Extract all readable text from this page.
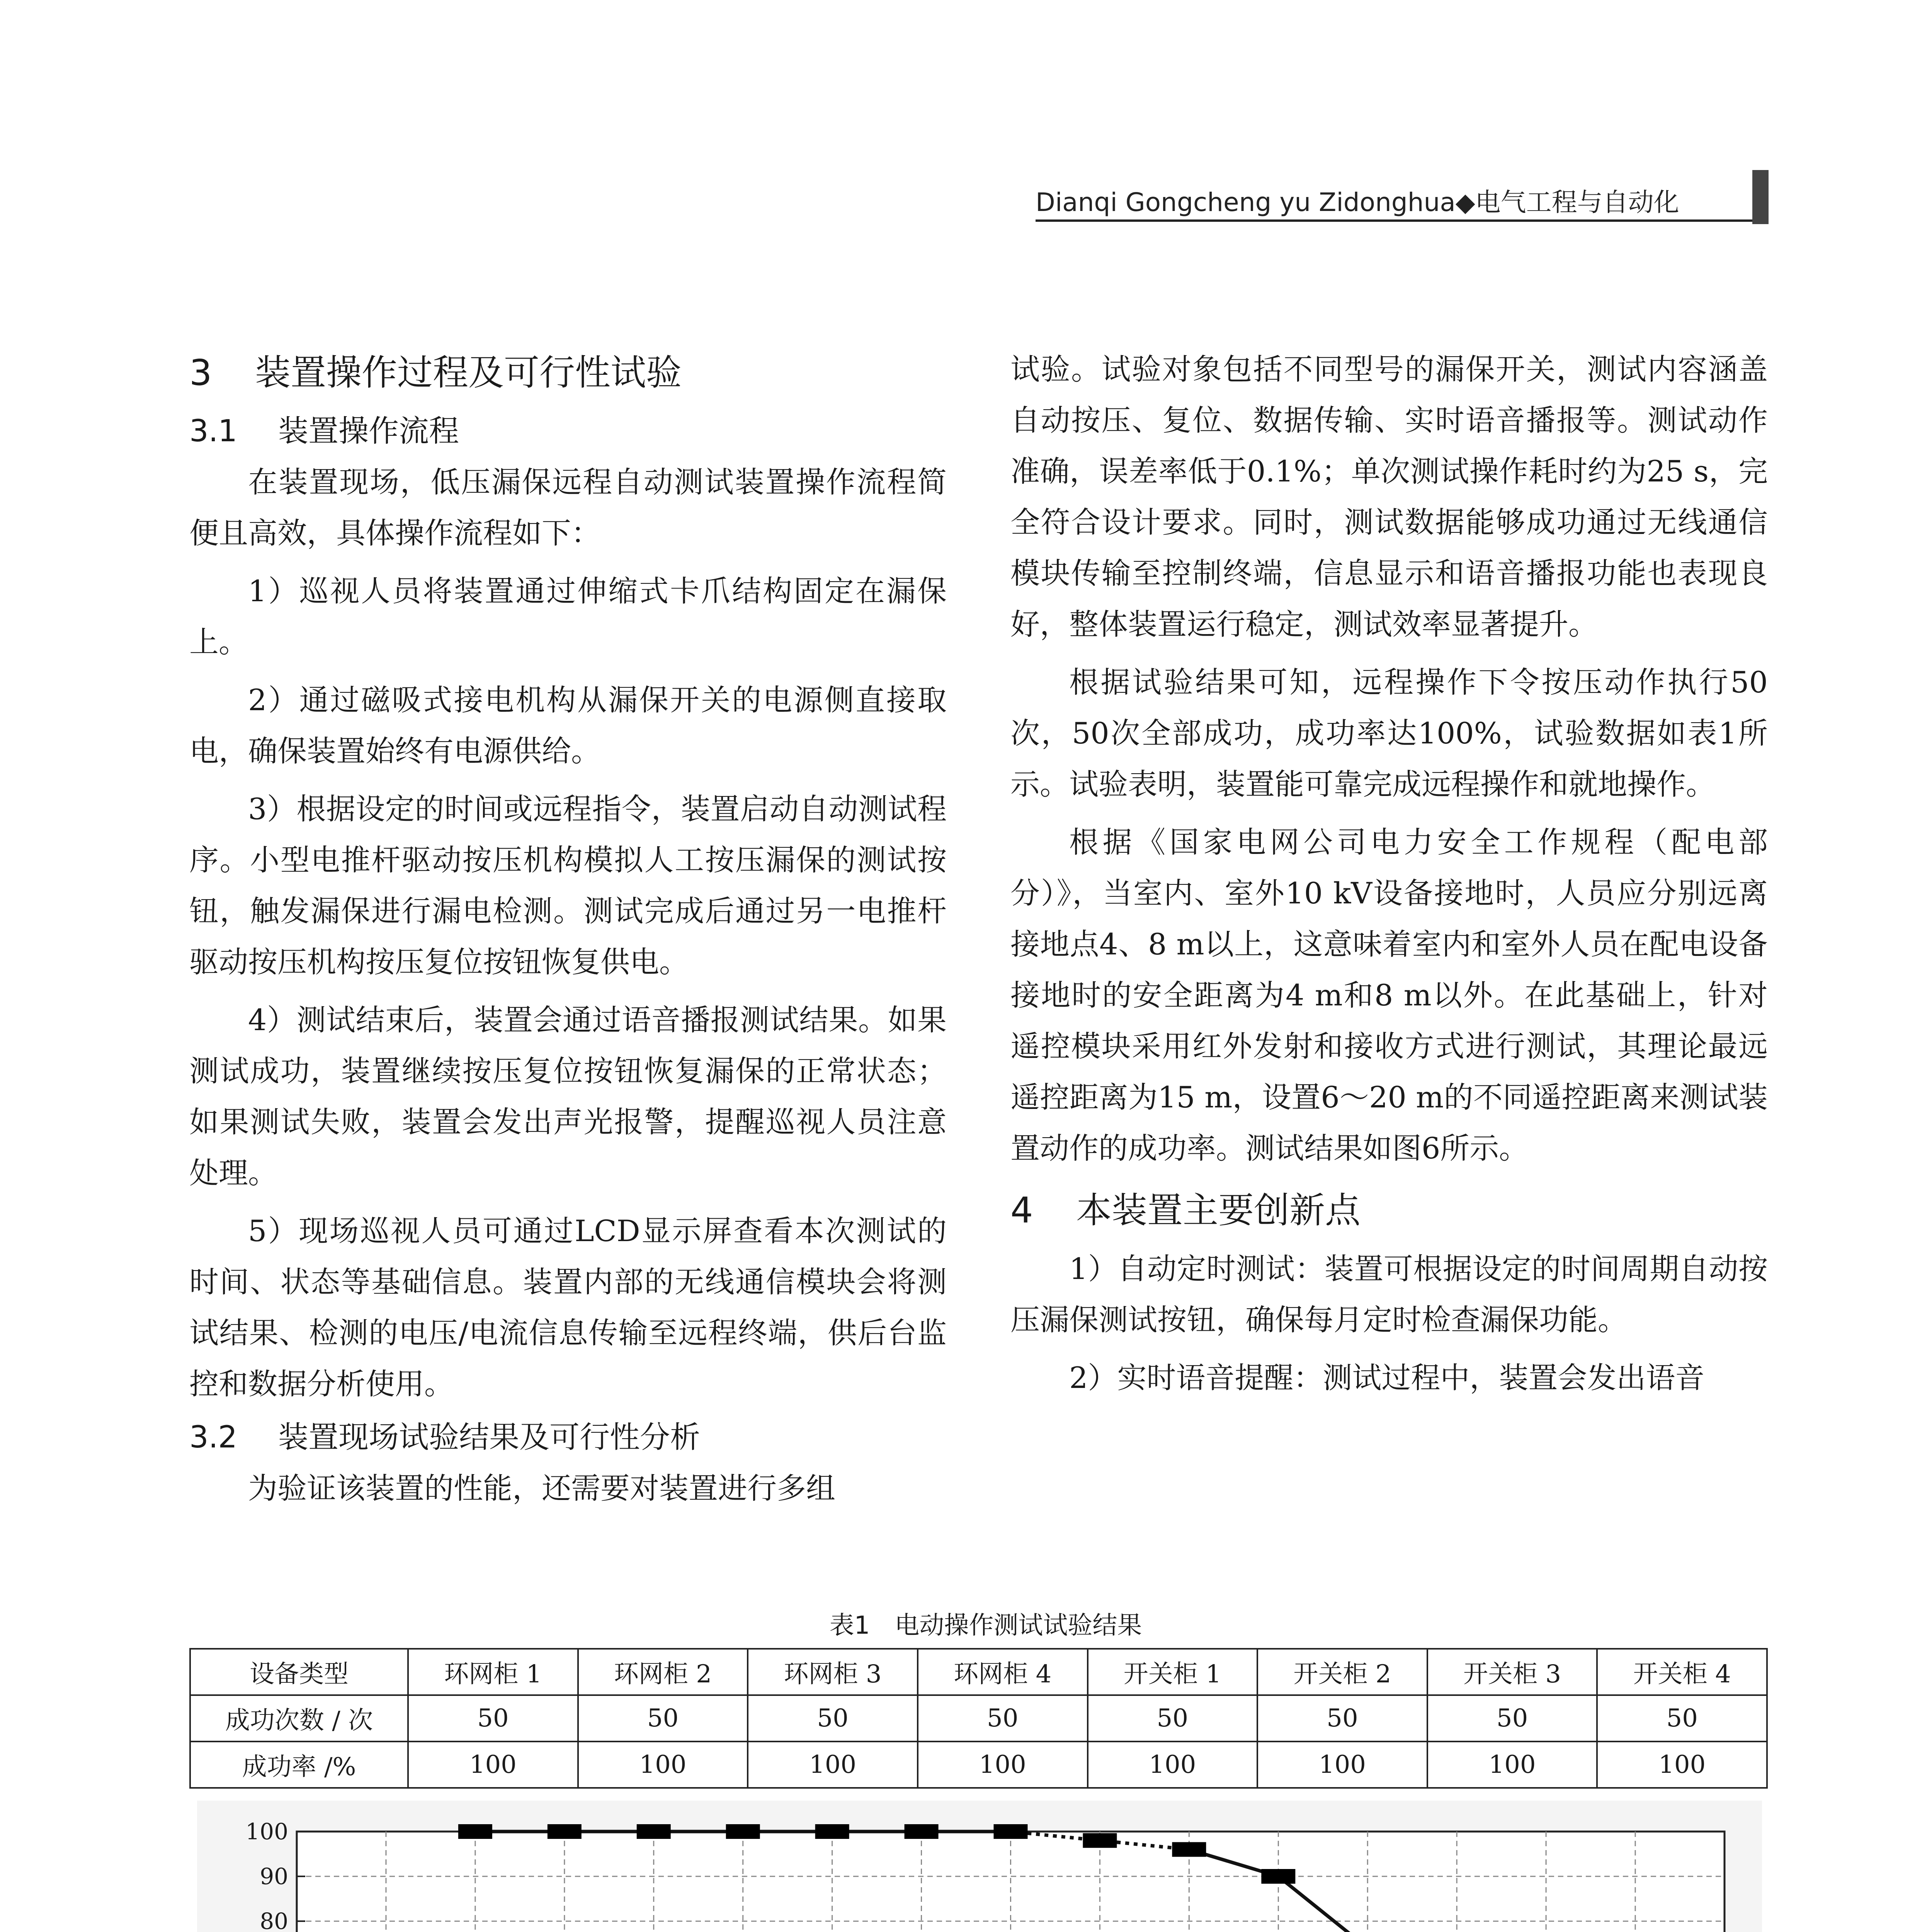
Dianqi Gongcheng yu Zidonghua◆电气工程与自动化
3 装置操作过程及可行性试验
3.1 装置操作流程

在装置现场，低压漏保远程自动测试装置操作流程简便且高效，具体操作流程如下：

1）巡视人员将装置通过伸缩式卡爪结构固定在漏保上。

2）通过磁吸式接电机构从漏保开关的电源侧直接取电，确保装置始终有电源供给。

3）根据设定的时间或远程指令，装置启动自动测试程序。小型电推杆驱动按压机构模拟人工按压漏保的测试按钮，触发漏保进行漏电检测。测试完成后通过另一电推杆驱动按压机构按压复位按钮恢复供电。

4）测试结束后，装置会通过语音播报测试结果。如果测试成功，装置继续按压复位按钮恢复漏保的正常状态；如果测试失败，装置会发出声光报警，提醒巡视人员注意处理。

5）现场巡视人员可通过LCD显示屏查看本次测试的时间、状态等基础信息。装置内部的无线通信模块会将测试结果、检测的电压/电流信息传输至远程终端，供后台监控和数据分析使用。

3.2 装置现场试验结果及可行性分析

为验证该装置的性能，还需要对装置进行多组

试验。试验对象包括不同型号的漏保开关，测试内容涵盖自动按压、复位、数据传输、实时语音播报等。测试动作准确，误差率低于0.1%；单次测试操作耗时约为25 s，完全符合设计要求。同时，测试数据能够成功通过无线通信模块传输至控制终端，信息显示和语音播报功能也表现良好，整体装置运行稳定，测试效率显著提升。

根据试验结果可知，远程操作下令按压动作执行50次，50次全部成功，成功率达100%，试验数据如表1所示。试验表明，装置能可靠完成远程操作和就地操作。

根据《国家电网公司电力安全工作规程（配电部分）》，当室内、室外10 kV设备接地时，人员应分别远离接地点4、8 m以上，这意味着室内和室外人员在配电设备接地时的安全距离为4 m和8 m以外。在此基础上，针对遥控模块采用红外发射和接收方式进行测试，其理论最远遥控距离为15 m，设置6～20 m的不同遥控距离来测试装置动作的成功率。测试结果如图6所示。

4 本装置主要创新点

1）自动定时测试：装置可根据设定的时间周期自动按压漏保测试按钮，确保每月定时检查漏保功能。

2）实时语音提醒：测试过程中，装置会发出语音

表1　电动操作测试试验结果
设备类型	环网柜 1	环网柜 2	环网柜 3	环网柜 4	开关柜 1	开关柜 2	开关柜 3	开关柜 4
成功次数 / 次	50	50	50	50	50	50	50	50
成功率 /%	100	100	100	100	100	100	100	100
80
90
100
